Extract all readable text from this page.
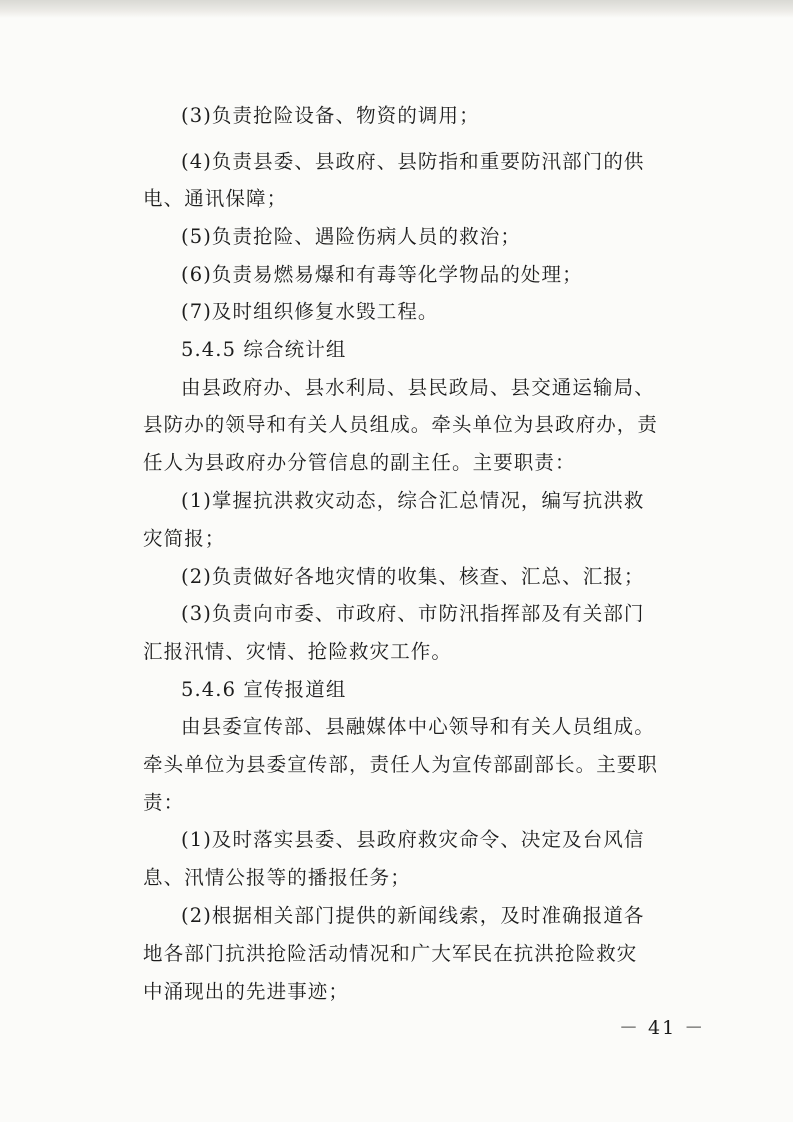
(3)负责抢险设备、物资的调用；
(4)负责县委、县政府、县防指和重要防汛部门的供
电、通讯保障；
(5)负责抢险、遇险伤病人员的救治；
(6)负责易燃易爆和有毒等化学物品的处理；
(7)及时组织修复水毁工程。
5.4.5 综合统计组
由县政府办、县水利局、县民政局、县交通运输局、
县防办的领导和有关人员组成。牵头单位为县政府办，责
任人为县政府办分管信息的副主任。主要职责：
(1)掌握抗洪救灾动态，综合汇总情况，编写抗洪救
灾简报；
(2)负责做好各地灾情的收集、核查、汇总、汇报；
(3)负责向市委、市政府、市防汛指挥部及有关部门
汇报汛情、灾情、抢险救灾工作。
5.4.6 宣传报道组
由县委宣传部、县融媒体中心领导和有关人员组成。
牵头单位为县委宣传部，责任人为宣传部副部长。主要职
责：
(1)及时落实县委、县政府救灾命令、决定及台风信
息、汛情公报等的播报任务；
(2)根据相关部门提供的新闻线索，及时准确报道各
地各部门抗洪抢险活动情况和广大军民在抗洪抢险救灾
中涌现出的先进事迹；
－ 41 －
